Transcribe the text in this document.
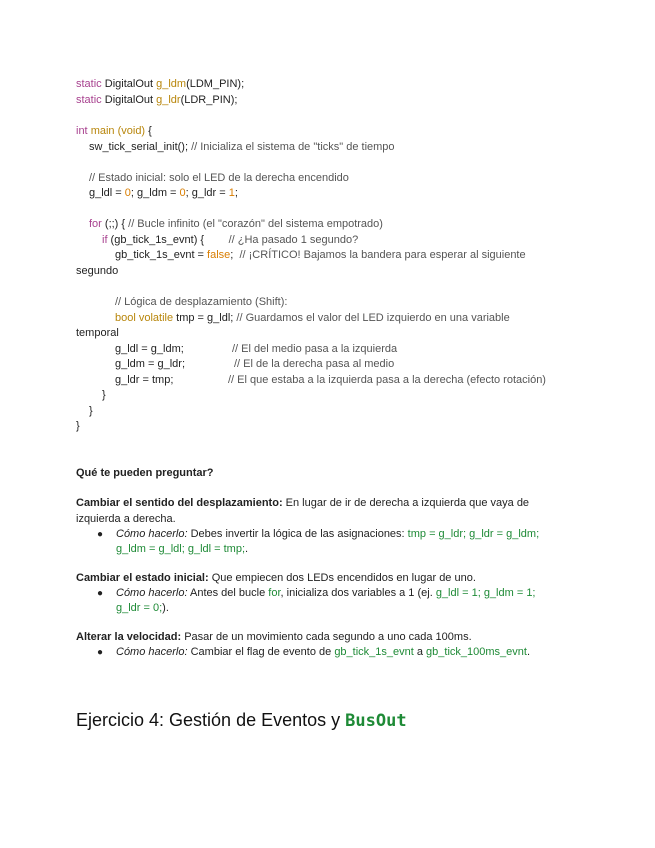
static DigitalOut g_ldm(LDM_PIN);
static DigitalOut g_ldr(LDR_PIN);
int main (void) {
sw_tick_serial_init(); // Inicializa el sistema de "ticks" de tiempo
// Estado inicial: solo el LED de la derecha encendido
g_ldl = 0; g_ldm = 0; g_ldr = 1;
for (;;) { // Bucle infinito (el "corazón" del sistema empotrado)
if (gb_tick_1s_evnt) {        // ¿Ha pasado 1 segundo?
gb_tick_1s_evnt = false;  // ¡CRÍTICO! Bajamos la bandera para esperar al siguiente
segundo
// Lógica de desplazamiento (Shift):
bool volatile tmp = g_ldl; // Guardamos el valor del LED izquierdo en una variable
temporal
g_ldl = g_ldm;	// El del medio pasa a la izquierda
g_ldm = g_ldr;	// El de la derecha pasa al medio
g_ldr = tmp;	// El que estaba a la izquierda pasa a la derecha (efecto rotación)
}
}
}
Qué te pueden preguntar?
Cambiar el sentido del desplazamiento: En lugar de ir de derecha a izquierda que vaya de
izquierda a derecha.
● Cómo hacerlo: Debes invertir la lógica de las asignaciones: tmp = g_ldr; g_ldr = g_ldm;
g_ldm = g_ldl; g_ldl = tmp;.
Cambiar el estado inicial: Que empiecen dos LEDs encendidos en lugar de uno.
● Cómo hacerlo: Antes del bucle for, inicializa dos variables a 1 (ej. g_ldl = 1; g_ldm = 1;
g_ldr = 0;).
Alterar la velocidad: Pasar de un movimiento cada segundo a uno cada 100ms.
● Cómo hacerlo: Cambiar el flag de evento de gb_tick_1s_evnt a gb_tick_100ms_evnt.
Ejercicio 4: Gestión de Eventos y BusOut
